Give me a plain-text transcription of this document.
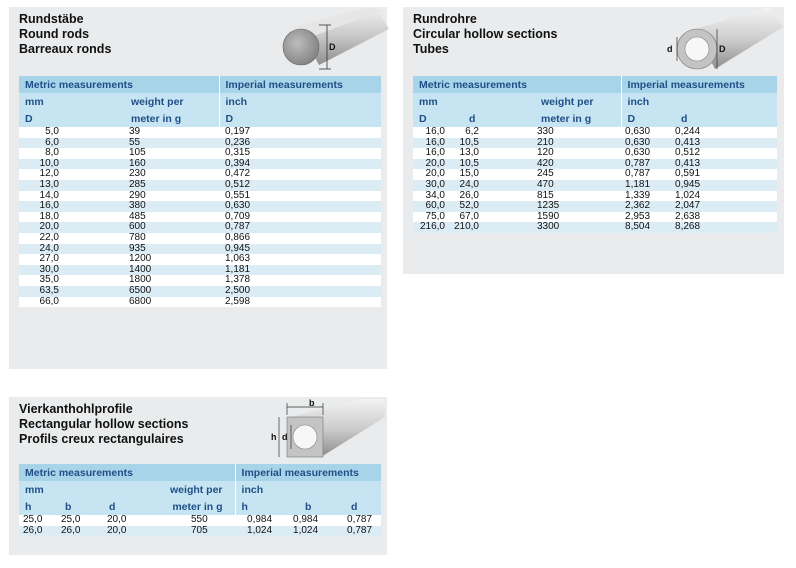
Rundstäbe
Round rods
Barreaux ronds	D
Metric measurements			Imperial measurements
mm		weight per	inch
D		meter in g	D
5,0		39	0,197
6,0		55	0,236
8,0		105	0,315
10,0		160	0,394
12,0		230	0,472
13,0		285	0,512
14,0		290	0,551
16,0		380	0,630
18,0		485	0,709
20,0		600	0,787
22,0		780	0,866
24,0		935	0,945
27,0		1200	1,063
30,0		1400	1,181
35,0		1800	1,378
63,5		6500	2,500
66,0		6800	2,598
Rundrohre
Circular hollow sections
Tubes	d	D
Metric measurements				Imperial measurements	
mm			weight per	inch	
D	d		meter in g	D	d
16,0	6,2		330	0,630	0,244
16,0	10,5		210	0,630	0,413
16,0	13,0		120	0,630	0,512
20,0	10,5		420	0,787	0,413
20,0	15,0		245	0,787	0,591
30,0	24,0		470	1,181	0,945
34,0	26,0		815	1,339	1,024
60,0	52,0		1235	2,362	2,047
75,0	67,0		1590	2,953	2,638
216,0	210,0		3300	8,504	8,268
Vierkanthohlprofile
Rectangular hollow sections
Profils creux rectangulaires
b
h d
Metric measurements				Imperial measurements		
mm			weight per	inch		
h	b	d	meter in g	h	b	d
25,0	25,0	20,0	550	0,984	0,984	0,787
26,0	26,0	20,0	705	1,024	1,024	0,787
